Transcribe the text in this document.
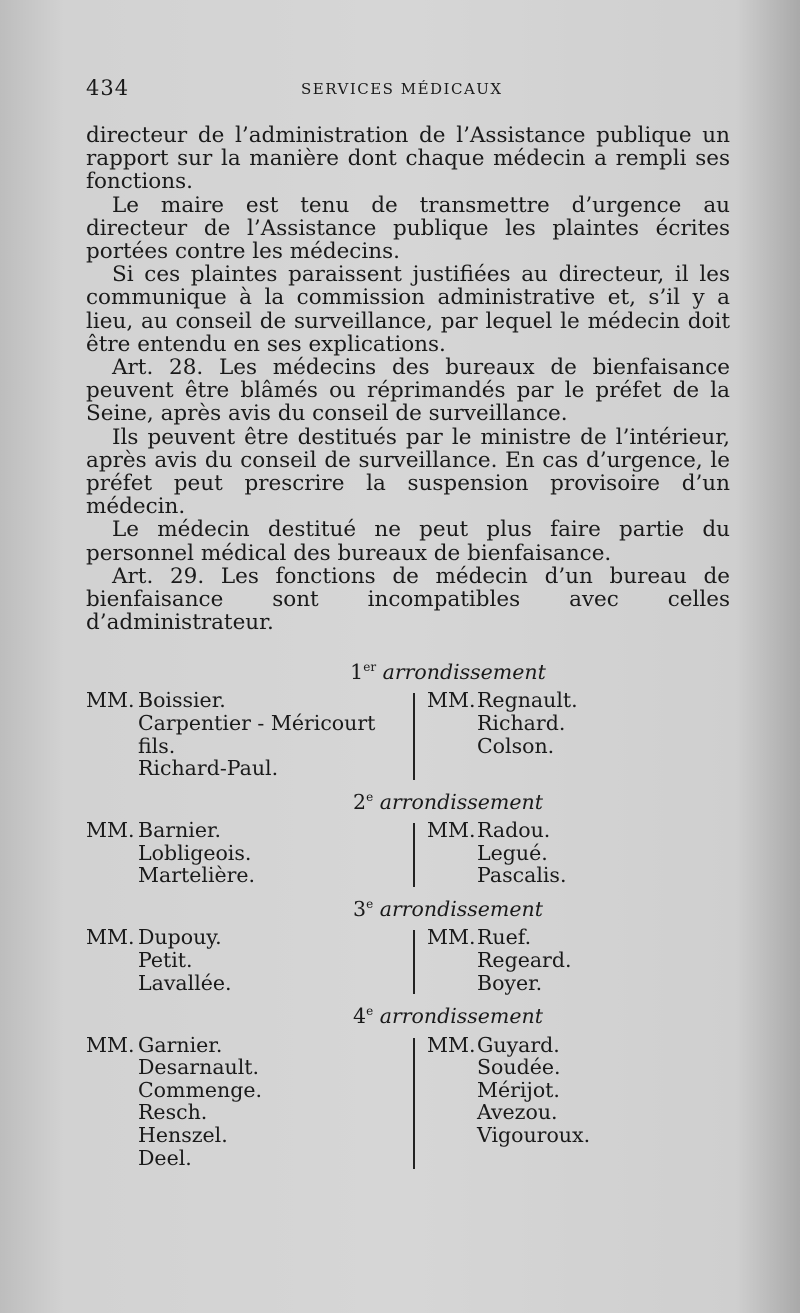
434	SERVICES MÉDICAUX

directeur de l’administration de l’Assistance publique un rapport sur la manière dont chaque médecin a rempli ses fonctions.

Le maire est tenu de transmettre d’urgence au directeur de l’Assistance publique les plaintes écrites portées contre les médecins.

Si ces plaintes paraissent justifiées au directeur, il les communique à la commission administrative et, s’il y a lieu, au conseil de surveillance, par lequel le médecin doit être entendu en ses explications.

Art. 28. Les médecins des bureaux de bienfaisance peuvent être blâmés ou réprimandés par le préfet de la Seine, après avis du conseil de surveillance.

Ils peuvent être destitués par le ministre de l’intérieur, après avis du conseil de surveillance. En cas d’urgence, le préfet peut prescrire la suspension provisoire d’un médecin.

Le médecin destitué ne peut plus faire partie du personnel médical des bureaux de bienfaisance.

Art. 29. Les fonctions de médecin d’un bureau de bienfaisance sont incompatibles avec celles d’administrateur.

1er arrondissement
MM. Boissier.
Carpentier - Méricourt
fils.
Richard-Paul.
MM. Regnault.
Richard.
Colson.
2e arrondissement
MM. Barnier.
Lobligeois.
Martelière.
MM. Radou.
Legué.
Pascalis.
3e arrondissement
MM. Dupouy.
Petit.
Lavallée.
MM. Ruef.
Regeard.
Boyer.
4e arrondissement
MM. Garnier.
Desarnault.
Commenge.
Resch.
Henszel.
Deel.
MM. Guyard.
Soudée.
Mérijot.
Avezou.
Vigouroux.
